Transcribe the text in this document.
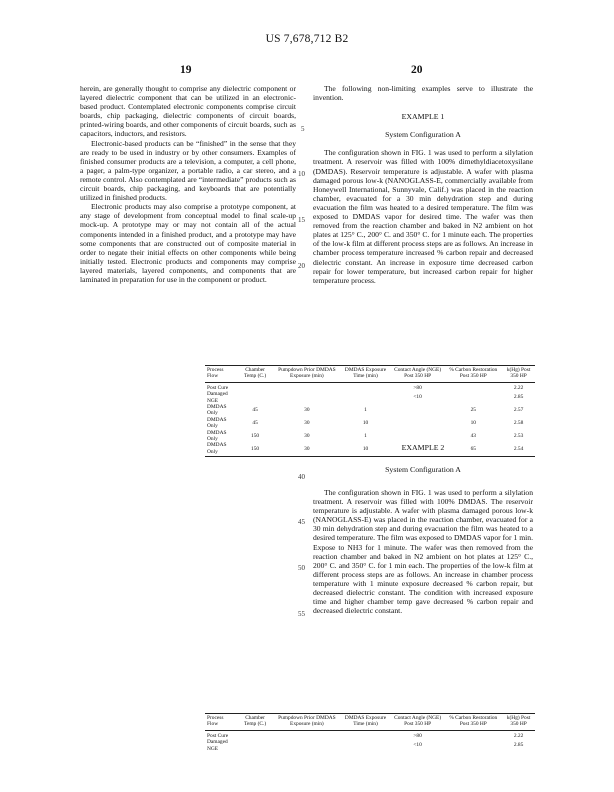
US 7,678,712 B2
19	20

herein, are generally thought to comprise any dielectric component or layered dielectric component that can be utilized in an electronic-based product. Contemplated electronic components comprise circuit boards, chip packaging, dielectric components of circuit boards, printed-wiring boards, and other components of circuit boards, such as capacitors, inductors, and resistors.

Electronic-based products can be “finished” in the sense that they are ready to be used in industry or by other consumers. Examples of finished consumer products are a television, a computer, a cell phone, a pager, a palm-type organizer, a portable radio, a car stereo, and a remote control. Also contemplated are “intermediate” products such as circuit boards, chip packaging, and keyboards that are potentially utilized in finished products.

Electronic products may also comprise a prototype component, at any stage of development from conceptual model to final scale-up mock-up. A prototype may or may not contain all of the actual components intended in a finished product, and a prototype may have some components that are constructed out of composite material in order to negate their initial effects on other components while being initially tested. Electronic products and components may comprise layered materials, layered components, and components that are laminated in preparation for use in the component or product.

5
10
15
20
40
45
50
55

The following non-limiting examples serve to illustrate the invention.

EXAMPLE 1
System Configuration A

The configuration shown in FIG. 1 was used to perform a silylation treatment. A reservoir was filled with 100% dimethyldiacetoxysilane (DMDAS). Reservoir temperature is adjustable. A wafer with plasma damaged porous low-k (NANOGLASS-E, commercially available from Honeywell International, Sunnyvale, Calif.) was placed in the reaction chamber, evacuated for a 30 min dehydration step and during evacuation the film was heated to a desired temperature. The film was exposed to DMDAS vapor for desired time. The wafer was then removed from the reaction chamber and baked in N2 ambient on hot plates at 125° C., 200° C. and 350° C. for 1 minute each. The properties of the low-k film at different process steps are as follows. An increase in chamber process temperature increased % carbon repair and decreased dielectric constant. An increase in exposure time decreased carbon repair for lower temperature, but increased carbon repair for higher temperature process.

Process Flow	Chamber Temp (C.)	Pumpdown Prior DMDAS Exposure (min)	DMDAS Exposure Time (min)	Contact Angle (NGE) Post 350 HP	% Carbon Restoration Post 350 HP	k(Hg) Post 350 HP
Post Cure				>80		2.22
Damaged NGE				<10		2.85
DMDAS Only	45	30	1		25	2.57
DMDAS Only	45	30	10		10	2.58
DMDAS Only	150	30	1		43	2.53
DMDAS Only	150	30	10		65	2.54
EXAMPLE 2
System Configuration A

The configuration shown in FIG. 1 was used to perform a silylation treatment. A reservoir was filled with 100% DMDAS. The reservoir temperature is adjustable. A wafer with plasma damaged porous low-k (NANOGLASS-E) was placed in the reaction chamber, evacuated for a 30 min dehydration step and during evacuation the film was heated to a desired temperature. The film was exposed to DMDAS vapor for 1 min. Expose to NH3 for 1 minute. The wafer was then removed from the reaction chamber and baked in N2 ambient on hot plates at 125° C., 200° C. and 350° C. for 1 min each. The properties of the low-k film at different process steps are as follows. An increase in chamber process temperature with 1 minute exposure decreased % carbon repair, but decreased dielectric constant. The condition with increased exposure time and higher chamber temp gave decreased % carbon repair and decreased dielectric constant.

Process Flow	Chamber Temp (C.)	Pumpdown Prior DMDAS Exposure (min)	DMDAS Exposure Time (min)	Contact Angle (NGE) Post 350 HP	% Carbon Restoration Post 350 HP	k(Hg) Post 350 HP
Post Cure				>80		2.22
Damaged NGE				<10		2.85
